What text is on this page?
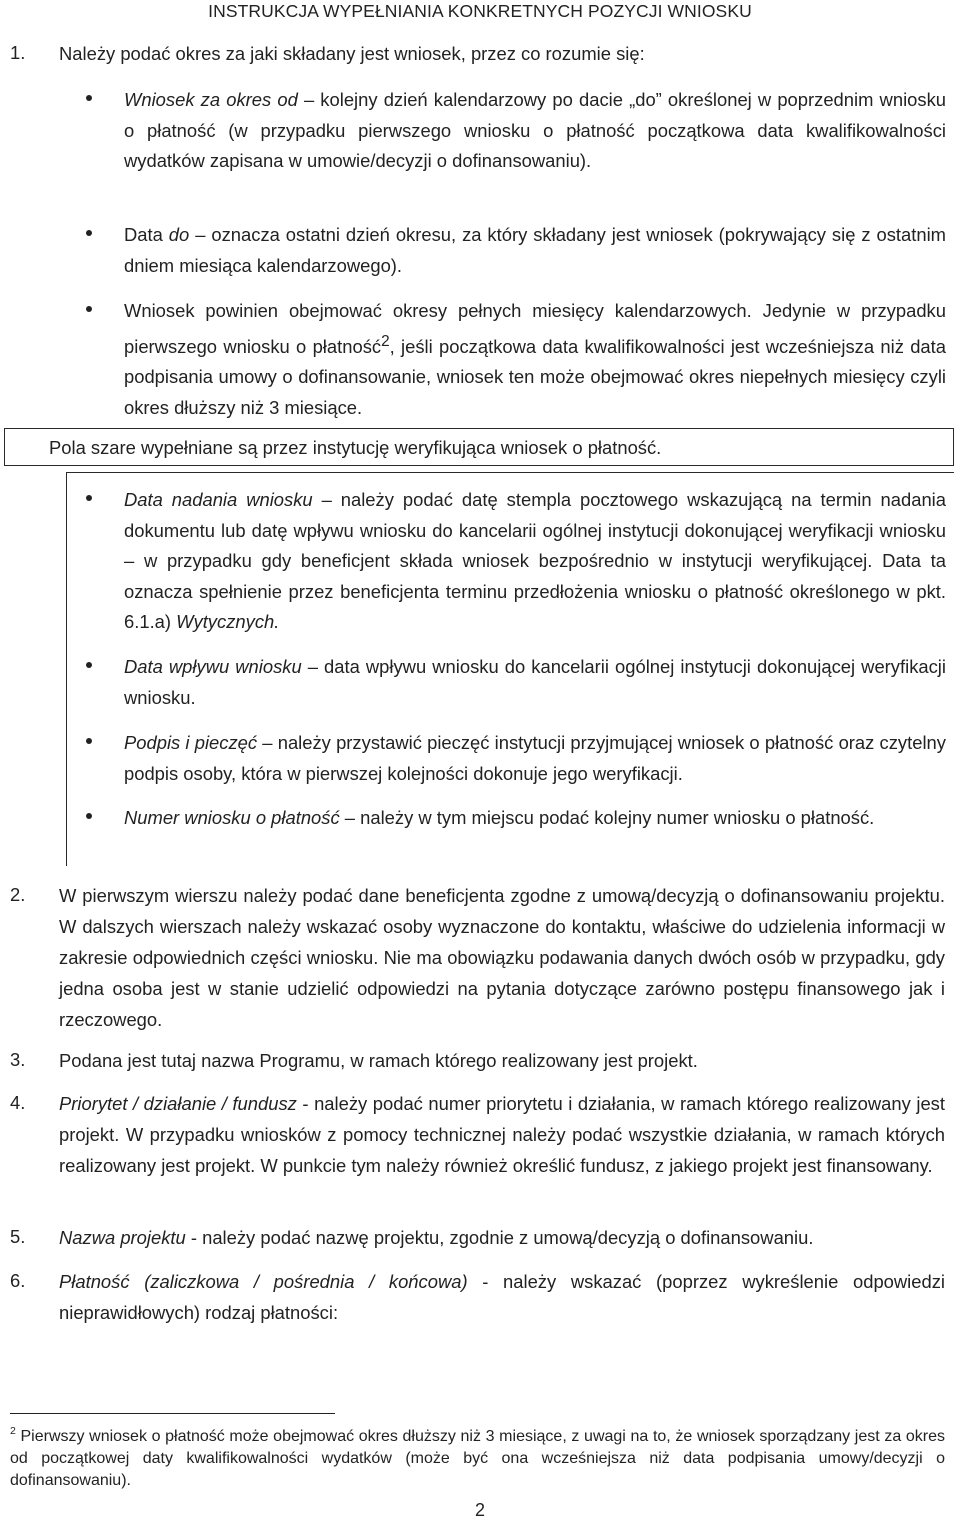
INSTRUKCJA WYPEŁNIANIA KONKRETNYCH POZYCJI WNIOSKU
1. Należy podać okres za jaki składany jest wniosek, przez co rozumie się:
Wniosek za okres od – kolejny dzień kalendarzowy po dacie „do” określonej w poprzednim wniosku o płatność (w przypadku pierwszego wniosku o płatność początkowa data kwalifikowalności wydatków zapisana w umowie/decyzji o dofinansowaniu).
Data do – oznacza ostatni dzień okresu, za który składany jest wniosek (pokrywający się z ostatnim dniem miesiąca kalendarzowego).
Wniosek powinien obejmować okresy pełnych miesięcy kalendarzowych. Jedynie w przypadku pierwszego wniosku o płatność$^2$, jeśli początkowa data kwalifikowalności jest wcześniejsza niż data podpisania umowy o dofinansowanie, wniosek ten może obejmować okres niepełnych miesięcy czyli okres dłuższy niż 3 miesiące.
Pola szare wypełniane są przez instytucję weryfikująca wniosek o płatność.
Data nadania wniosku – należy podać datę stempla pocztowego wskazującą na termin nadania dokumentu lub datę wpływu wniosku do kancelarii ogólnej instytucji dokonującej weryfikacji wniosku – w przypadku gdy beneficjent składa wniosek bezpośrednio w instytucji weryfikującej. Data ta oznacza spełnienie przez beneficjenta terminu przedłożenia wniosku o płatność określonego w pkt. 6.1.a) Wytycznych.
Data wpływu wniosku – data wpływu wniosku do kancelarii ogólnej instytucji dokonującej weryfikacji wniosku.
Podpis i pieczęć – należy przystawić pieczęć instytucji przyjmującej wniosek o płatność oraz czytelny podpis osoby, która w pierwszej kolejności dokonuje jego weryfikacji.
Numer wniosku o płatność – należy w tym miejscu podać kolejny numer wniosku o płatność.
2. W pierwszym wierszu należy podać dane beneficjenta zgodne z umową/decyzją o dofinansowaniu projektu. W dalszych wierszach należy wskazać osoby wyznaczone do kontaktu, właściwe do udzielenia informacji w zakresie odpowiednich części wniosku. Nie ma obowiązku podawania danych dwóch osób w przypadku, gdy jedna osoba jest w stanie udzielić odpowiedzi na pytania dotyczące zarówno postępu finansowego jak i rzeczowego.
3. Podana jest tutaj nazwa Programu, w ramach którego realizowany jest projekt.
4. Priorytet / działanie / fundusz - należy podać numer priorytetu i działania, w ramach którego realizowany jest projekt. W przypadku wniosków z pomocy technicznej należy podać wszystkie działania, w ramach których realizowany jest projekt. W punkcie tym należy również określić fundusz, z jakiego projekt jest finansowany.
5. Nazwa projektu - należy podać nazwę projektu, zgodnie z umową/decyzją o dofinansowaniu.
6. Płatność (zaliczkowa / pośrednia / końcowa) - należy wskazać (poprzez wykreślenie odpowiedzi nieprawidłowych) rodzaj płatności:
$^2$ Pierwszy wniosek o płatność może obejmować okres dłuższy niż 3 miesiące, z uwagi na to, że wniosek sporządzany jest za okres od początkowej daty kwalifikowalności wydatków (może być ona wcześniejsza niż data podpisania umowy/decyzji o dofinansowaniu).
2
